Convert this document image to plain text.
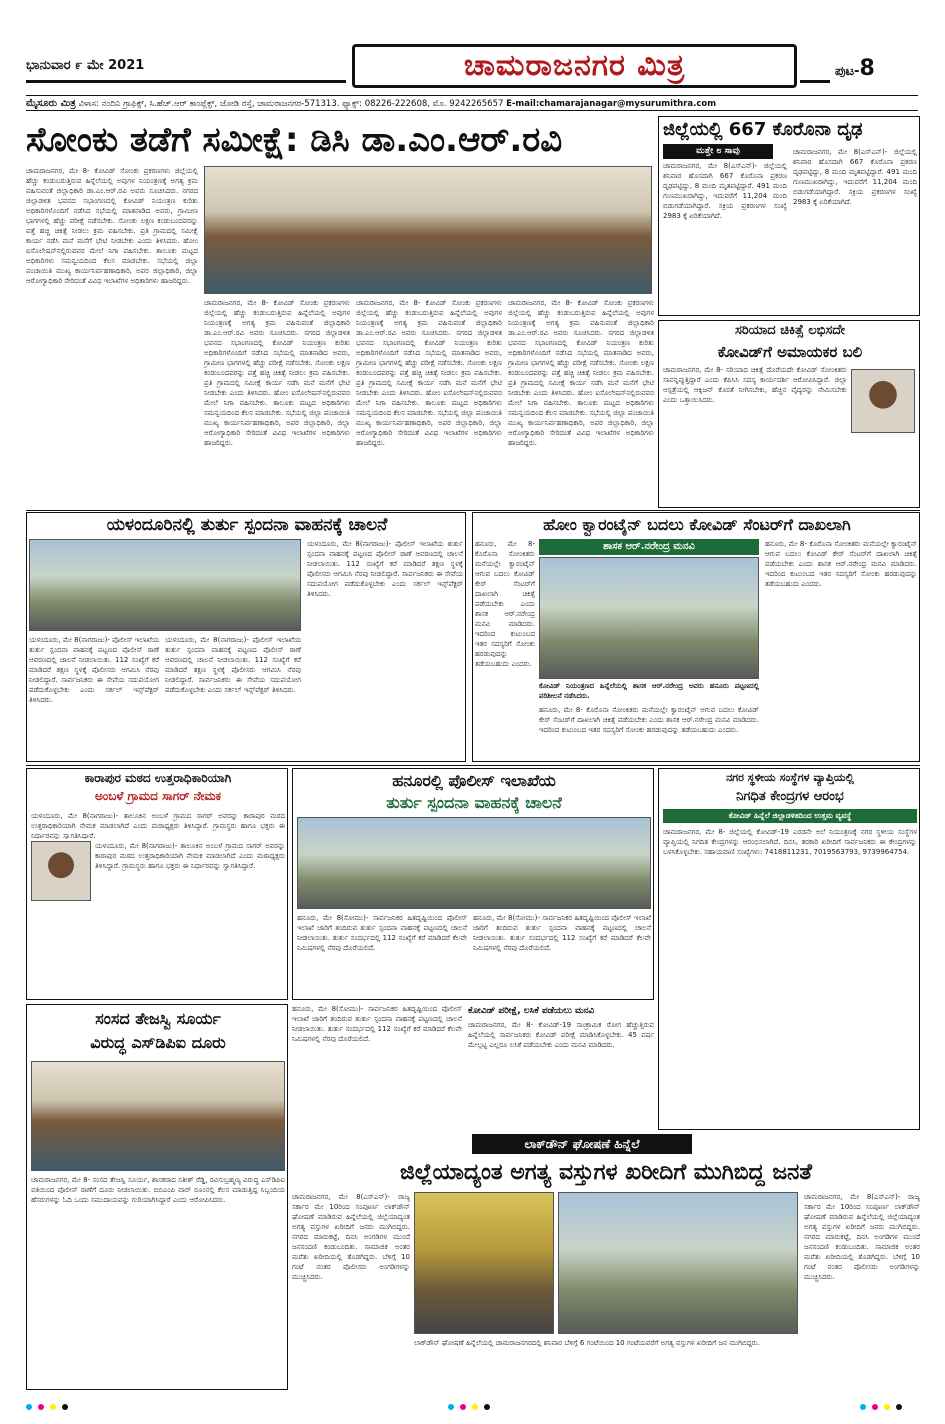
ಭಾನುವಾರ ೯ ಮೇ 2021	ಚಾಮರಾಜನಗರ ಮಿತ್ರ	ಪುಟ-8
ಮೈಸೂರು ಮಿತ್ರ ವಿಳಾಸ: ನಂದಿನಿ ಗ್ರಾಫಿಕ್ಸ್, ಸಿ.ಹೆಚ್.ಆರ್ ಕಾಂಪ್ಲೆಕ್ಸ್, ಜೋಡಿ ರಸ್ತೆ, ಚಾಮರಾಜನಗರ-571313. ಫ್ಯಾಕ್ಸ್: 08226-222608, ಮೊ. 9242265657 E-mail:chamarajanagar@mysurumithra.com
ಸೋಂಕು ತಡೆಗೆ ಸಮೀಕ್ಷೆ: ಡಿಸಿ ಡಾ.ಎಂ.ಆರ್.ರವಿ
ಚಾಮರಾಜನಗರ, ಮೇ 8- ಕೋವಿಡ್ ಸೋಂಕು ಪ್ರಕರಣಗಳು ಜಿಲ್ಲೆಯಲ್ಲಿ ಹೆಚ್ಚು ಕಂಡುಬರುತ್ತಿರುವ ಹಿನ್ನೆಲೆಯಲ್ಲಿ ಅವುಗಳ ನಿಯಂತ್ರಣಕ್ಕೆ ಅಗತ್ಯ ಕ್ರಮ ವಹಿಸುವಂತೆ ಜಿಲ್ಲಾಧಿಕಾರಿ ಡಾ.ಎಂ.ಆರ್.ರವಿ ಅವರು ಸೂಚಿಸಿದರು. ನಗರದ ಜಿಲ್ಲಾಡಳಿತ ಭವನದ ಸಭಾಂಗಣದಲ್ಲಿ ಕೋವಿಡ್ ನಿಯಂತ್ರಣ ಕುರಿತು ಅಧಿಕಾರಿಗಳೊಂದಿಗೆ ನಡೆಸಿದ ಸಭೆಯಲ್ಲಿ ಮಾತನಾಡಿದ ಅವರು, ಗ್ರಾಮೀಣ ಭಾಗಗಳಲ್ಲಿ ಹೆಚ್ಚು ಪರೀಕ್ಷೆ ನಡೆಸಬೇಕು. ಸೋಂಕು ಲಕ್ಷಣ ಕಂಡುಬಂದವರನ್ನು ಪತ್ತೆ ಹಚ್ಚಿ ಚಿಕಿತ್ಸೆ ನೀಡಲು ಕ್ರಮ ವಹಿಸಬೇಕು. ಪ್ರತಿ ಗ್ರಾಮದಲ್ಲಿ ಸಮೀಕ್ಷೆ ಕಾರ್ಯ ನಡೆಸಿ ಮನೆ ಮನೆಗೆ ಭೇಟಿ ನೀಡಬೇಕು ಎಂದು ತಿಳಿಸಿದರು. ಹೋಂ ಐಸೊಲೇಷನ್‌ನಲ್ಲಿರುವವರ ಮೇಲೆ ನಿಗಾ ವಹಿಸಬೇಕು. ತಾಲೂಕು ಮಟ್ಟದ ಅಧಿಕಾರಿಗಳು ಸಮನ್ವಯದಿಂದ ಕೆಲಸ ಮಾಡಬೇಕು. ಸಭೆಯಲ್ಲಿ ಜಿಲ್ಲಾ ಪಂಚಾಯಿತಿ ಮುಖ್ಯ ಕಾರ್ಯನಿರ್ವಹಣಾಧಿಕಾರಿ, ಅಪರ ಜಿಲ್ಲಾಧಿಕಾರಿ, ಜಿಲ್ಲಾ ಆರೋಗ್ಯಾಧಿಕಾರಿ ಸೇರಿದಂತೆ ವಿವಿಧ ಇಲಾಖೆಗಳ ಅಧಿಕಾರಿಗಳು ಹಾಜರಿದ್ದರು.
ಚಾಮರಾಜನಗರ, ಮೇ 8- ಕೋವಿಡ್ ಸೋಂಕು ಪ್ರಕರಣಗಳು ಜಿಲ್ಲೆಯಲ್ಲಿ ಹೆಚ್ಚು ಕಂಡುಬರುತ್ತಿರುವ ಹಿನ್ನೆಲೆಯಲ್ಲಿ ಅವುಗಳ ನಿಯಂತ್ರಣಕ್ಕೆ ಅಗತ್ಯ ಕ್ರಮ ವಹಿಸುವಂತೆ ಜಿಲ್ಲಾಧಿಕಾರಿ ಡಾ.ಎಂ.ಆರ್.ರವಿ ಅವರು ಸೂಚಿಸಿದರು. ನಗರದ ಜಿಲ್ಲಾಡಳಿತ ಭವನದ ಸಭಾಂಗಣದಲ್ಲಿ ಕೋವಿಡ್ ನಿಯಂತ್ರಣ ಕುರಿತು ಅಧಿಕಾರಿಗಳೊಂದಿಗೆ ನಡೆಸಿದ ಸಭೆಯಲ್ಲಿ ಮಾತನಾಡಿದ ಅವರು, ಗ್ರಾಮೀಣ ಭಾಗಗಳಲ್ಲಿ ಹೆಚ್ಚು ಪರೀಕ್ಷೆ ನಡೆಸಬೇಕು. ಸೋಂಕು ಲಕ್ಷಣ ಕಂಡುಬಂದವರನ್ನು ಪತ್ತೆ ಹಚ್ಚಿ ಚಿಕಿತ್ಸೆ ನೀಡಲು ಕ್ರಮ ವಹಿಸಬೇಕು. ಪ್ರತಿ ಗ್ರಾಮದಲ್ಲಿ ಸಮೀಕ್ಷೆ ಕಾರ್ಯ ನಡೆಸಿ ಮನೆ ಮನೆಗೆ ಭೇಟಿ ನೀಡಬೇಕು ಎಂದು ತಿಳಿಸಿದರು. ಹೋಂ ಐಸೊಲೇಷನ್‌ನಲ್ಲಿರುವವರ ಮೇಲೆ ನಿಗಾ ವಹಿಸಬೇಕು. ತಾಲೂಕು ಮಟ್ಟದ ಅಧಿಕಾರಿಗಳು ಸಮನ್ವಯದಿಂದ ಕೆಲಸ ಮಾಡಬೇಕು. ಸಭೆಯಲ್ಲಿ ಜಿಲ್ಲಾ ಪಂಚಾಯಿತಿ ಮುಖ್ಯ ಕಾರ್ಯನಿರ್ವಹಣಾಧಿಕಾರಿ, ಅಪರ ಜಿಲ್ಲಾಧಿಕಾರಿ, ಜಿಲ್ಲಾ ಆರೋಗ್ಯಾಧಿಕಾರಿ ಸೇರಿದಂತೆ ವಿವಿಧ ಇಲಾಖೆಗಳ ಅಧಿಕಾರಿಗಳು ಹಾಜರಿದ್ದರು.
ಚಾಮರಾಜನಗರ, ಮೇ 8- ಕೋವಿಡ್ ಸೋಂಕು ಪ್ರಕರಣಗಳು ಜಿಲ್ಲೆಯಲ್ಲಿ ಹೆಚ್ಚು ಕಂಡುಬರುತ್ತಿರುವ ಹಿನ್ನೆಲೆಯಲ್ಲಿ ಅವುಗಳ ನಿಯಂತ್ರಣಕ್ಕೆ ಅಗತ್ಯ ಕ್ರಮ ವಹಿಸುವಂತೆ ಜಿಲ್ಲಾಧಿಕಾರಿ ಡಾ.ಎಂ.ಆರ್.ರವಿ ಅವರು ಸೂಚಿಸಿದರು. ನಗರದ ಜಿಲ್ಲಾಡಳಿತ ಭವನದ ಸಭಾಂಗಣದಲ್ಲಿ ಕೋವಿಡ್ ನಿಯಂತ್ರಣ ಕುರಿತು ಅಧಿಕಾರಿಗಳೊಂದಿಗೆ ನಡೆಸಿದ ಸಭೆಯಲ್ಲಿ ಮಾತನಾಡಿದ ಅವರು, ಗ್ರಾಮೀಣ ಭಾಗಗಳಲ್ಲಿ ಹೆಚ್ಚು ಪರೀಕ್ಷೆ ನಡೆಸಬೇಕು. ಸೋಂಕು ಲಕ್ಷಣ ಕಂಡುಬಂದವರನ್ನು ಪತ್ತೆ ಹಚ್ಚಿ ಚಿಕಿತ್ಸೆ ನೀಡಲು ಕ್ರಮ ವಹಿಸಬೇಕು. ಪ್ರತಿ ಗ್ರಾಮದಲ್ಲಿ ಸಮೀಕ್ಷೆ ಕಾರ್ಯ ನಡೆಸಿ ಮನೆ ಮನೆಗೆ ಭೇಟಿ ನೀಡಬೇಕು ಎಂದು ತಿಳಿಸಿದರು. ಹೋಂ ಐಸೊಲೇಷನ್‌ನಲ್ಲಿರುವವರ ಮೇಲೆ ನಿಗಾ ವಹಿಸಬೇಕು. ತಾಲೂಕು ಮಟ್ಟದ ಅಧಿಕಾರಿಗಳು ಸಮನ್ವಯದಿಂದ ಕೆಲಸ ಮಾಡಬೇಕು. ಸಭೆಯಲ್ಲಿ ಜಿಲ್ಲಾ ಪಂಚಾಯಿತಿ ಮುಖ್ಯ ಕಾರ್ಯನಿರ್ವಹಣಾಧಿಕಾರಿ, ಅಪರ ಜಿಲ್ಲಾಧಿಕಾರಿ, ಜಿಲ್ಲಾ ಆರೋಗ್ಯಾಧಿಕಾರಿ ಸೇರಿದಂತೆ ವಿವಿಧ ಇಲಾಖೆಗಳ ಅಧಿಕಾರಿಗಳು ಹಾಜರಿದ್ದರು.
ಚಾಮರಾಜನಗರ, ಮೇ 8- ಕೋವಿಡ್ ಸೋಂಕು ಪ್ರಕರಣಗಳು ಜಿಲ್ಲೆಯಲ್ಲಿ ಹೆಚ್ಚು ಕಂಡುಬರುತ್ತಿರುವ ಹಿನ್ನೆಲೆಯಲ್ಲಿ ಅವುಗಳ ನಿಯಂತ್ರಣಕ್ಕೆ ಅಗತ್ಯ ಕ್ರಮ ವಹಿಸುವಂತೆ ಜಿಲ್ಲಾಧಿಕಾರಿ ಡಾ.ಎಂ.ಆರ್.ರವಿ ಅವರು ಸೂಚಿಸಿದರು. ನಗರದ ಜಿಲ್ಲಾಡಳಿತ ಭವನದ ಸಭಾಂಗಣದಲ್ಲಿ ಕೋವಿಡ್ ನಿಯಂತ್ರಣ ಕುರಿತು ಅಧಿಕಾರಿಗಳೊಂದಿಗೆ ನಡೆಸಿದ ಸಭೆಯಲ್ಲಿ ಮಾತನಾಡಿದ ಅವರು, ಗ್ರಾಮೀಣ ಭಾಗಗಳಲ್ಲಿ ಹೆಚ್ಚು ಪರೀಕ್ಷೆ ನಡೆಸಬೇಕು. ಸೋಂಕು ಲಕ್ಷಣ ಕಂಡುಬಂದವರನ್ನು ಪತ್ತೆ ಹಚ್ಚಿ ಚಿಕಿತ್ಸೆ ನೀಡಲು ಕ್ರಮ ವಹಿಸಬೇಕು. ಪ್ರತಿ ಗ್ರಾಮದಲ್ಲಿ ಸಮೀಕ್ಷೆ ಕಾರ್ಯ ನಡೆಸಿ ಮನೆ ಮನೆಗೆ ಭೇಟಿ ನೀಡಬೇಕು ಎಂದು ತಿಳಿಸಿದರು. ಹೋಂ ಐಸೊಲೇಷನ್‌ನಲ್ಲಿರುವವರ ಮೇಲೆ ನಿಗಾ ವಹಿಸಬೇಕು. ತಾಲೂಕು ಮಟ್ಟದ ಅಧಿಕಾರಿಗಳು ಸಮನ್ವಯದಿಂದ ಕೆಲಸ ಮಾಡಬೇಕು. ಸಭೆಯಲ್ಲಿ ಜಿಲ್ಲಾ ಪಂಚಾಯಿತಿ ಮುಖ್ಯ ಕಾರ್ಯನಿರ್ವಹಣಾಧಿಕಾರಿ, ಅಪರ ಜಿಲ್ಲಾಧಿಕಾರಿ, ಜಿಲ್ಲಾ ಆರೋಗ್ಯಾಧಿಕಾರಿ ಸೇರಿದಂತೆ ವಿವಿಧ ಇಲಾಖೆಗಳ ಅಧಿಕಾರಿಗಳು ಹಾಜರಿದ್ದರು.
ಜಿಲ್ಲೆಯಲ್ಲಿ 667 ಕೊರೊನಾ ದೃಢ
ಮತ್ತೇ ೮ ಸಾವು
ಚಾಮರಾಜನಗರ, ಮೇ 8(ಎಸ್‌ಎನ್)- ಜಿಲ್ಲೆಯಲ್ಲಿ ಶನಿವಾರ ಹೊಸದಾಗಿ 667 ಕೊರೊನಾ ಪ್ರಕರಣ ದೃಢಪಟ್ಟಿದ್ದು, 8 ಮಂದಿ ಮೃತಪಟ್ಟಿದ್ದಾರೆ. 491 ಮಂದಿ ಗುಣಮುಖರಾಗಿದ್ದು, ಇದುವರೆಗೆ 11,204 ಮಂದಿ ಬಿಡುಗಡೆಯಾಗಿದ್ದಾರೆ. ಸಕ್ರಿಯ ಪ್ರಕರಣಗಳ ಸಂಖ್ಯೆ 2983 ಕ್ಕೆ ಏರಿಕೆಯಾಗಿದೆ.
ಚಾಮರಾಜನಗರ, ಮೇ 8(ಎಸ್‌ಎನ್)- ಜಿಲ್ಲೆಯಲ್ಲಿ ಶನಿವಾರ ಹೊಸದಾಗಿ 667 ಕೊರೊನಾ ಪ್ರಕರಣ ದೃಢಪಟ್ಟಿದ್ದು, 8 ಮಂದಿ ಮೃತಪಟ್ಟಿದ್ದಾರೆ. 491 ಮಂದಿ ಗುಣಮುಖರಾಗಿದ್ದು, ಇದುವರೆಗೆ 11,204 ಮಂದಿ ಬಿಡುಗಡೆಯಾಗಿದ್ದಾರೆ. ಸಕ್ರಿಯ ಪ್ರಕರಣಗಳ ಸಂಖ್ಯೆ 2983 ಕ್ಕೆ ಏರಿಕೆಯಾಗಿದೆ.
ಸರಿಯಾದ ಚಿಕಿತ್ಸೆ ಲಭಿಸದೇ
ಕೋವಿಡ್‌ಗೆ ಅಮಾಯಕರ ಬಲಿ
ಚಾಮರಾಜನಗರ, ಮೇ 8- ಸರಿಯಾದ ಚಿಕಿತ್ಸೆ ದೊರೆಯದೇ ಕೋವಿಡ್ ಸೋಂಕಿತರು ಸಾವನ್ನಪ್ಪುತ್ತಿದ್ದಾರೆ ಎಂದು ಕೆಪಿಸಿಸಿ ಸದಸ್ಯ ಕಾರ್ಯದರ್ಶಿ ಆರೋಪಿಸಿದ್ದಾರೆ. ಜಿಲ್ಲಾ ಆಸ್ಪತ್ರೆಯಲ್ಲಿ ಆಕ್ಸಿಜನ್ ಕೊರತೆ ನೀಗಿಸಬೇಕು, ಹೆಚ್ಚಿನ ವೈದ್ಯರನ್ನು ನೇಮಿಸಬೇಕು ಎಂದು ಒತ್ತಾಯಿಸಿದರು.
ಯಳಂದೂರಿನಲ್ಲಿ ತುರ್ತು ಸ್ಪಂದನಾ ವಾಹನಕ್ಕೆ ಚಾಲನೆ
ಯಳಂದೂರು, ಮೇ 8(ನಾಗರಾಜು)- ಪೊಲೀಸ್ ಇಲಾಖೆಯ ತುರ್ತು ಸ್ಪಂದನಾ ವಾಹನಕ್ಕೆ ಪಟ್ಟಣದ ಪೊಲೀಸ್ ಠಾಣೆ ಆವರಣದಲ್ಲಿ ಚಾಲನೆ ನೀಡಲಾಯಿತು. 112 ಸಂಖ್ಯೆಗೆ ಕರೆ ಮಾಡಿದರೆ ತಕ್ಷಣ ಸ್ಥಳಕ್ಕೆ ಪೊಲೀಸರು ಆಗಮಿಸಿ ನೆರವು ನೀಡಲಿದ್ದಾರೆ. ಸಾರ್ವಜನಿಕರು ಈ ಸೇವೆಯ ಸದುಪಯೋಗ ಪಡೆದುಕೊಳ್ಳಬೇಕು ಎಂದು ಸರ್ಕಲ್ ಇನ್ಸ್‌ಪೆಕ್ಟರ್ ತಿಳಿಸಿದರು.
ಯಳಂದೂರು, ಮೇ 8(ನಾಗರಾಜು)- ಪೊಲೀಸ್ ಇಲಾಖೆಯ ತುರ್ತು ಸ್ಪಂದನಾ ವಾಹನಕ್ಕೆ ಪಟ್ಟಣದ ಪೊಲೀಸ್ ಠಾಣೆ ಆವರಣದಲ್ಲಿ ಚಾಲನೆ ನೀಡಲಾಯಿತು. 112 ಸಂಖ್ಯೆಗೆ ಕರೆ ಮಾಡಿದರೆ ತಕ್ಷಣ ಸ್ಥಳಕ್ಕೆ ಪೊಲೀಸರು ಆಗಮಿಸಿ ನೆರವು ನೀಡಲಿದ್ದಾರೆ. ಸಾರ್ವಜನಿಕರು ಈ ಸೇವೆಯ ಸದುಪಯೋಗ ಪಡೆದುಕೊಳ್ಳಬೇಕು ಎಂದು ಸರ್ಕಲ್ ಇನ್ಸ್‌ಪೆಕ್ಟರ್ ತಿಳಿಸಿದರು.
ಯಳಂದೂರು, ಮೇ 8(ನಾಗರಾಜು)- ಪೊಲೀಸ್ ಇಲಾಖೆಯ ತುರ್ತು ಸ್ಪಂದನಾ ವಾಹನಕ್ಕೆ ಪಟ್ಟಣದ ಪೊಲೀಸ್ ಠಾಣೆ ಆವರಣದಲ್ಲಿ ಚಾಲನೆ ನೀಡಲಾಯಿತು. 112 ಸಂಖ್ಯೆಗೆ ಕರೆ ಮಾಡಿದರೆ ತಕ್ಷಣ ಸ್ಥಳಕ್ಕೆ ಪೊಲೀಸರು ಆಗಮಿಸಿ ನೆರವು ನೀಡಲಿದ್ದಾರೆ. ಸಾರ್ವಜನಿಕರು ಈ ಸೇವೆಯ ಸದುಪಯೋಗ ಪಡೆದುಕೊಳ್ಳಬೇಕು ಎಂದು ಸರ್ಕಲ್ ಇನ್ಸ್‌ಪೆಕ್ಟರ್ ತಿಳಿಸಿದರು.
ಹೋಂ ಕ್ವಾರಂಟೈನ್ ಬದಲು ಕೋವಿಡ್ ಸೆಂಟರ್‌ಗೆ ದಾಖಲಾಗಿ
ಹನೂರು, ಮೇ 8- ಕೊರೊನಾ ಸೋಂಕಿತರು ಮನೆಯಲ್ಲೇ ಕ್ವಾರಂಟೈನ್ ಆಗುವ ಬದಲು ಕೋವಿಡ್ ಕೇರ್ ಸೆಂಟರ್‌ಗೆ ದಾಖಲಾಗಿ ಚಿಕಿತ್ಸೆ ಪಡೆಯಬೇಕು ಎಂದು ಶಾಸಕ ಆರ್.ನರೇಂದ್ರ ಮನವಿ ಮಾಡಿದರು. ಇದರಿಂದ ಕುಟುಂಬದ ಇತರ ಸದಸ್ಯರಿಗೆ ಸೋಂಕು ಹರಡುವುದನ್ನು ತಡೆಯಬಹುದು ಎಂದರು.
ಶಾಸಕ ಆರ್.ನರೇಂದ್ರ ಮನವಿ
ಕೋವಿಡ್ ನಿಯಂತ್ರಣದ ಹಿನ್ನೆಲೆಯಲ್ಲಿ ಶಾಸಕ ಆರ್.ನರೇಂದ್ರ ಅವರು ಹನೂರು ಪಟ್ಟಣದಲ್ಲಿ ಪರಿಶೀಲನೆ ನಡೆಸಿದರು.
ಹನೂರು, ಮೇ 8- ಕೊರೊನಾ ಸೋಂಕಿತರು ಮನೆಯಲ್ಲೇ ಕ್ವಾರಂಟೈನ್ ಆಗುವ ಬದಲು ಕೋವಿಡ್ ಕೇರ್ ಸೆಂಟರ್‌ಗೆ ದಾಖಲಾಗಿ ಚಿಕಿತ್ಸೆ ಪಡೆಯಬೇಕು ಎಂದು ಶಾಸಕ ಆರ್.ನರೇಂದ್ರ ಮನವಿ ಮಾಡಿದರು. ಇದರಿಂದ ಕುಟುಂಬದ ಇತರ ಸದಸ್ಯರಿಗೆ ಸೋಂಕು ಹರಡುವುದನ್ನು ತಡೆಯಬಹುದು ಎಂದರು.
ಹನೂರು, ಮೇ 8- ಕೊರೊನಾ ಸೋಂಕಿತರು ಮನೆಯಲ್ಲೇ ಕ್ವಾರಂಟೈನ್ ಆಗುವ ಬದಲು ಕೋವಿಡ್ ಕೇರ್ ಸೆಂಟರ್‌ಗೆ ದಾಖಲಾಗಿ ಚಿಕಿತ್ಸೆ ಪಡೆಯಬೇಕು ಎಂದು ಶಾಸಕ ಆರ್.ನರೇಂದ್ರ ಮನವಿ ಮಾಡಿದರು. ಇದರಿಂದ ಕುಟುಂಬದ ಇತರ ಸದಸ್ಯರಿಗೆ ಸೋಂಕು ಹರಡುವುದನ್ನು ತಡೆಯಬಹುದು ಎಂದರು.
ಕಾರಾಪುರ ಮಠದ ಉತ್ತರಾಧಿಕಾರಿಯಾಗಿ
ಅಂಬಳೆ ಗ್ರಾಮದ ಸಾಗರ್ ನೇಮಕ
ಯಳಂದೂರು, ಮೇ 8(ನಾಗರಾಜು)- ತಾಲೂಕಿನ ಅಂಬಳೆ ಗ್ರಾಮದ ಸಾಗರ್ ಅವರನ್ನು ಕಾರಾಪುರ ಮಠದ ಉತ್ತರಾಧಿಕಾರಿಯಾಗಿ ನೇಮಕ ಮಾಡಲಾಗಿದೆ ಎಂದು ಮಠಾಧ್ಯಕ್ಷರು ತಿಳಿಸಿದ್ದಾರೆ. ಗ್ರಾಮಸ್ಥರು ಹಾಗೂ ಭಕ್ತರು ಈ ನಿರ್ಧಾರವನ್ನು ಸ್ವಾಗತಿಸಿದ್ದಾರೆ.
ಯಳಂದೂರು, ಮೇ 8(ನಾಗರಾಜು)- ತಾಲೂಕಿನ ಅಂಬಳೆ ಗ್ರಾಮದ ಸಾಗರ್ ಅವರನ್ನು ಕಾರಾಪುರ ಮಠದ ಉತ್ತರಾಧಿಕಾರಿಯಾಗಿ ನೇಮಕ ಮಾಡಲಾಗಿದೆ ಎಂದು ಮಠಾಧ್ಯಕ್ಷರು ತಿಳಿಸಿದ್ದಾರೆ. ಗ್ರಾಮಸ್ಥರು ಹಾಗೂ ಭಕ್ತರು ಈ ನಿರ್ಧಾರವನ್ನು ಸ್ವಾಗತಿಸಿದ್ದಾರೆ.
ಹನೂರಲ್ಲಿ ಪೊಲೀಸ್ ಇಲಾಖೆಯ
ತುರ್ತು ಸ್ಪಂದನಾ ವಾಹನಕ್ಕೆ ಚಾಲನೆ
ಹನೂರು, ಮೇ 8(ಸೋಮು)- ಸಾರ್ವಜನಿಕರ ಹಿತದೃಷ್ಟಿಯಿಂದ ಪೊಲೀಸ್ ಇಲಾಖೆ ಜಾರಿಗೆ ತಂದಿರುವ ತುರ್ತು ಸ್ಪಂದನಾ ವಾಹನಕ್ಕೆ ಪಟ್ಟಣದಲ್ಲಿ ಚಾಲನೆ ನೀಡಲಾಯಿತು. ತುರ್ತು ಸಂದರ್ಭದಲ್ಲಿ 112 ಸಂಖ್ಯೆಗೆ ಕರೆ ಮಾಡಿದರೆ ಕೆಲವೇ ನಿಮಿಷಗಳಲ್ಲಿ ನೆರವು ದೊರೆಯಲಿದೆ.
ಹನೂರು, ಮೇ 8(ಸೋಮು)- ಸಾರ್ವಜನಿಕರ ಹಿತದೃಷ್ಟಿಯಿಂದ ಪೊಲೀಸ್ ಇಲಾಖೆ ಜಾರಿಗೆ ತಂದಿರುವ ತುರ್ತು ಸ್ಪಂದನಾ ವಾಹನಕ್ಕೆ ಪಟ್ಟಣದಲ್ಲಿ ಚಾಲನೆ ನೀಡಲಾಯಿತು. ತುರ್ತು ಸಂದರ್ಭದಲ್ಲಿ 112 ಸಂಖ್ಯೆಗೆ ಕರೆ ಮಾಡಿದರೆ ಕೆಲವೇ ನಿಮಿಷಗಳಲ್ಲಿ ನೆರವು ದೊರೆಯಲಿದೆ.
ನಗರ ಸ್ಥಳೀಯ ಸಂಸ್ಥೆಗಳ ವ್ಯಾಪ್ತಿಯಲ್ಲಿ
ನಿಗಧಿತ ಕೇಂದ್ರಗಳ ಆರಂಭ
ಕೋವಿಡ್ ಹಿನ್ನೆಲೆ ಜಿಲ್ಲಾಡಳಿತದಿಂದ ಉತ್ತಮ ವ್ಯವಸ್ಥೆ
ಚಾಮರಾಜನಗರ, ಮೇ 8- ಜಿಲ್ಲೆಯಲ್ಲಿ ಕೋವಿಡ್-19 ಎರಡನೇ ಅಲೆ ನಿಯಂತ್ರಣಕ್ಕೆ ನಗರ ಸ್ಥಳೀಯ ಸಂಸ್ಥೆಗಳ ವ್ಯಾಪ್ತಿಯಲ್ಲಿ ನಿಗದಿತ ಕೇಂದ್ರಗಳನ್ನು ಆರಂಭಿಸಲಾಗಿದೆ. ದಿನಸಿ, ತರಕಾರಿ ಖರೀದಿಗೆ ಸಾರ್ವಜನಿಕರು ಈ ಕೇಂದ್ರಗಳನ್ನು ಬಳಸಿಕೊಳ್ಳಬೇಕು. ಸಹಾಯವಾಣಿ ಸಂಖ್ಯೆಗಳು: 7418811231, 7019563793, 9739964754.
ಸಂಸದ ತೇಜಸ್ವಿ ಸೂರ್ಯ
ವಿರುದ್ಧ ಎಸ್‌ಡಿಪಿಐ ದೂರು
ಚಾಮರಾಜನಗರ, ಮೇ 8- ಸಂಸದ ತೇಜಸ್ವಿ ಸೂರ್ಯ, ಶಾಸಕರಾದ ಸತೀಶ್ ರೆಡ್ಡಿ, ರವಿಸುಬ್ರಹ್ಮಣ್ಯ ವಿರುದ್ಧ ಎಸ್‌ಡಿಪಿಐ ವತಿಯಿಂದ ಪೊಲೀಸ್ ಠಾಣೆಗೆ ದೂರು ನೀಡಲಾಯಿತು. ಬಿಬಿಎಂಪಿ ವಾರ್ ರೂಂನಲ್ಲಿ ಕೆಲಸ ಮಾಡುತ್ತಿದ್ದ ಸಿಬ್ಬಂದಿಯ ಹೆಸರುಗಳನ್ನು ಓದಿ ಒಂದು ಸಮುದಾಯವನ್ನು ಗುರಿಯಾಗಿಸಿದ್ದಾರೆ ಎಂದು ಆರೋಪಿಸಿದರು.
ಹನೂರು, ಮೇ 8(ಸೋಮು)- ಸಾರ್ವಜನಿಕರ ಹಿತದೃಷ್ಟಿಯಿಂದ ಪೊಲೀಸ್ ಇಲಾಖೆ ಜಾರಿಗೆ ತಂದಿರುವ ತುರ್ತು ಸ್ಪಂದನಾ ವಾಹನಕ್ಕೆ ಪಟ್ಟಣದಲ್ಲಿ ಚಾಲನೆ ನೀಡಲಾಯಿತು. ತುರ್ತು ಸಂದರ್ಭದಲ್ಲಿ 112 ಸಂಖ್ಯೆಗೆ ಕರೆ ಮಾಡಿದರೆ ಕೆಲವೇ ನಿಮಿಷಗಳಲ್ಲಿ ನೆರವು ದೊರೆಯಲಿದೆ.
ಕೋವಿಡ್ ಪರೀಕ್ಷೆ, ಲಸಿಕೆ ಪಡೆಯಲು ಮನವಿ
ಚಾಮರಾಜನಗರ, ಮೇ 8- ಕೋವಿಡ್-19 ಸಾಂಕ್ರಾಮಿಕ ರೋಗ ಹೆಚ್ಚುತ್ತಿರುವ ಹಿನ್ನೆಲೆಯಲ್ಲಿ ಸಾರ್ವಜನಿಕರು ಕೋವಿಡ್ ಪರೀಕ್ಷೆ ಮಾಡಿಸಿಕೊಳ್ಳಬೇಕು. 45 ವರ್ಷ ಮೇಲ್ಪಟ್ಟ ಎಲ್ಲರೂ ಲಸಿಕೆ ಪಡೆಯಬೇಕು ಎಂದು ಮನವಿ ಮಾಡಿದರು.
ಲಾಕ್‌ಡೌನ್ ಘೋಷಣೆ ಹಿನ್ನೆಲೆ
ಜಿಲ್ಲೆಯಾದ್ಯಂತ ಅಗತ್ಯ ವಸ್ತುಗಳ ಖರೀದಿಗೆ ಮುಗಿಬಿದ್ದ ಜನತೆ
ಚಾಮರಾಜನಗರ, ಮೇ 8(ಎಸ್‌ಎನ್)- ರಾಜ್ಯ ಸರ್ಕಾರ ಮೇ 10ರಿಂದ ಸಂಪೂರ್ಣ ಲಾಕ್‌ಡೌನ್ ಘೋಷಣೆ ಮಾಡಿರುವ ಹಿನ್ನೆಲೆಯಲ್ಲಿ ಜಿಲ್ಲೆಯಾದ್ಯಂತ ಅಗತ್ಯ ವಸ್ತುಗಳ ಖರೀದಿಗೆ ಜನರು ಮುಗಿಬಿದ್ದರು. ನಗರದ ಮಾರುಕಟ್ಟೆ, ದಿನಸಿ ಅಂಗಡಿಗಳ ಮುಂದೆ ಜನಸಂದಣಿ ಕಂಡುಬಂದಿತು. ಸಾಮಾಜಿಕ ಅಂತರ ಮರೆತು ಖರೀದಿಯಲ್ಲಿ ತೊಡಗಿದ್ದರು. ಬೆಳಿಗ್ಗೆ 10 ಗಂಟೆ ನಂತರ ಪೊಲೀಸರು ಅಂಗಡಿಗಳನ್ನು ಮುಚ್ಚಿಸಿದರು.
ಲಾಕ್‌ಡೌನ್ ಘೋಷಣೆ ಹಿನ್ನೆಲೆಯಲ್ಲಿ ಚಾಮರಾಜನಗರದಲ್ಲಿ ಶನಿವಾರ ಬೆಳಿಗ್ಗೆ 6 ಗಂಟೆಯಿಂದ 10 ಗಂಟೆಯವರೆಗೆ ಅಗತ್ಯ ವಸ್ತುಗಳ ಖರೀದಿಗೆ ಜನ ಮುಗಿಬಿದ್ದರು.
ಚಾಮರಾಜನಗರ, ಮೇ 8(ಎಸ್‌ಎನ್)- ರಾಜ್ಯ ಸರ್ಕಾರ ಮೇ 10ರಿಂದ ಸಂಪೂರ್ಣ ಲಾಕ್‌ಡೌನ್ ಘೋಷಣೆ ಮಾಡಿರುವ ಹಿನ್ನೆಲೆಯಲ್ಲಿ ಜಿಲ್ಲೆಯಾದ್ಯಂತ ಅಗತ್ಯ ವಸ್ತುಗಳ ಖರೀದಿಗೆ ಜನರು ಮುಗಿಬಿದ್ದರು. ನಗರದ ಮಾರುಕಟ್ಟೆ, ದಿನಸಿ ಅಂಗಡಿಗಳ ಮುಂದೆ ಜನಸಂದಣಿ ಕಂಡುಬಂದಿತು. ಸಾಮಾಜಿಕ ಅಂತರ ಮರೆತು ಖರೀದಿಯಲ್ಲಿ ತೊಡಗಿದ್ದರು. ಬೆಳಿಗ್ಗೆ 10 ಗಂಟೆ ನಂತರ ಪೊಲೀಸರು ಅಂಗಡಿಗಳನ್ನು ಮುಚ್ಚಿಸಿದರು.
